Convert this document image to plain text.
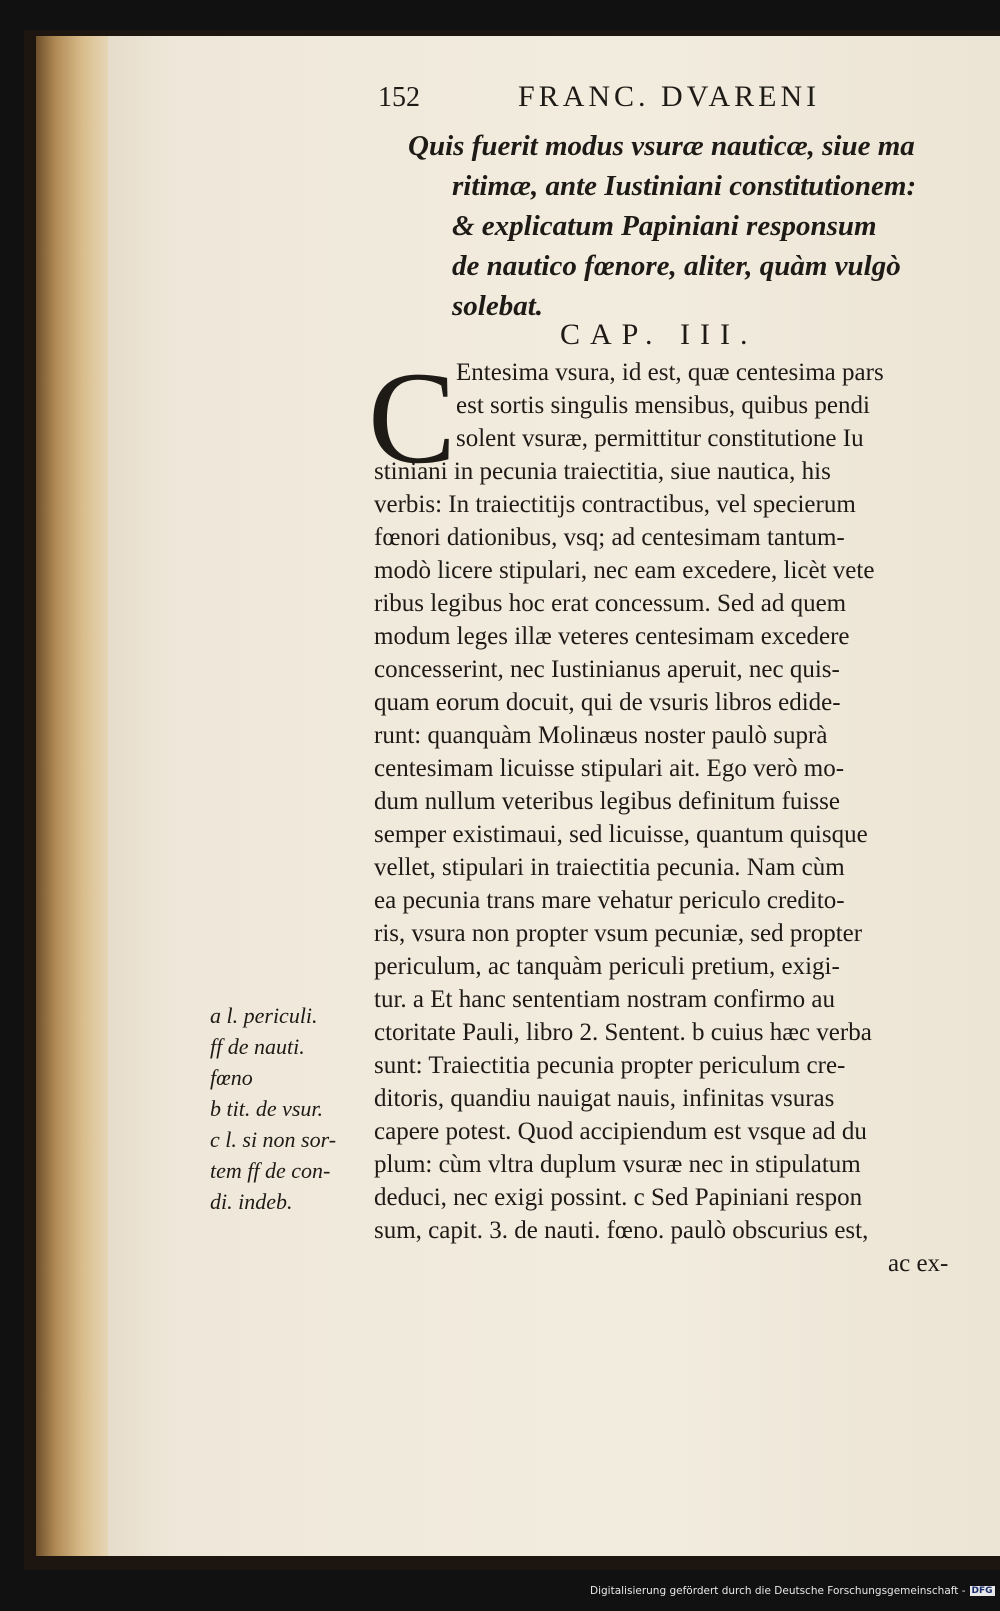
152	FRANC. DVARENI
Quis fuerit modus vsuræ nauticæ, siue ma
ritimæ, ante Iustiniani constitutionem:
& explicatum Papiniani responsum
de nautico fœnore, aliter, quàm vulgò
solebat.
CAP. III.
C Entesima vsura, id est, quæ centesima pars
est sortis singulis mensibus, quibus pendi
solent vsuræ, permittitur constitutione Iu
stiniani in pecunia traiectitia, siue nautica, his
verbis: In traiectitijs contractibus, vel specierum
fœnori dationibus, vsq; ad centesimam tantum-
modò licere stipulari, nec eam excedere, licèt vete
ribus legibus hoc erat concessum. Sed ad quem
modum leges illæ veteres centesimam excedere
concesserint, nec Iustinianus aperuit, nec quis-
quam eorum docuit, qui de vsuris libros edide-
runt: quanquàm Molinæus noster paulò suprà
centesimam licuisse stipulari ait. Ego verò mo-
dum nullum veteribus legibus definitum fuisse
semper existimaui, sed licuisse, quantum quisque
vellet, stipulari in traiectitia pecunia. Nam cùm
ea pecunia trans mare vehatur periculo credito-
ris, vsura non propter vsum pecuniæ, sed propter
periculum, ac tanquàm periculi pretium, exigi-
tur. a Et hanc sententiam nostram confirmo au
ctoritate Pauli, libro 2. Sentent. b cuius hæc verba
sunt: Traiectitia pecunia propter periculum cre-
ditoris, quandiu nauigat nauis, infinitas vsuras
capere potest. Quod accipiendum est vsque ad du
plum: cùm vltra duplum vsuræ nec in stipulatum
deduci, nec exigi possint. c Sed Papiniani respon
sum, capit. 3. de nauti. fœno. paulò obscurius est,
ac ex-
a l. periculi.
ff de nauti.
fœno
b tit. de vsur.
c l. si non sor-
tem ff de con-
di. indeb.
Digitalisierung gefördert durch die Deutsche Forschungsgemeinschaft - DFG
